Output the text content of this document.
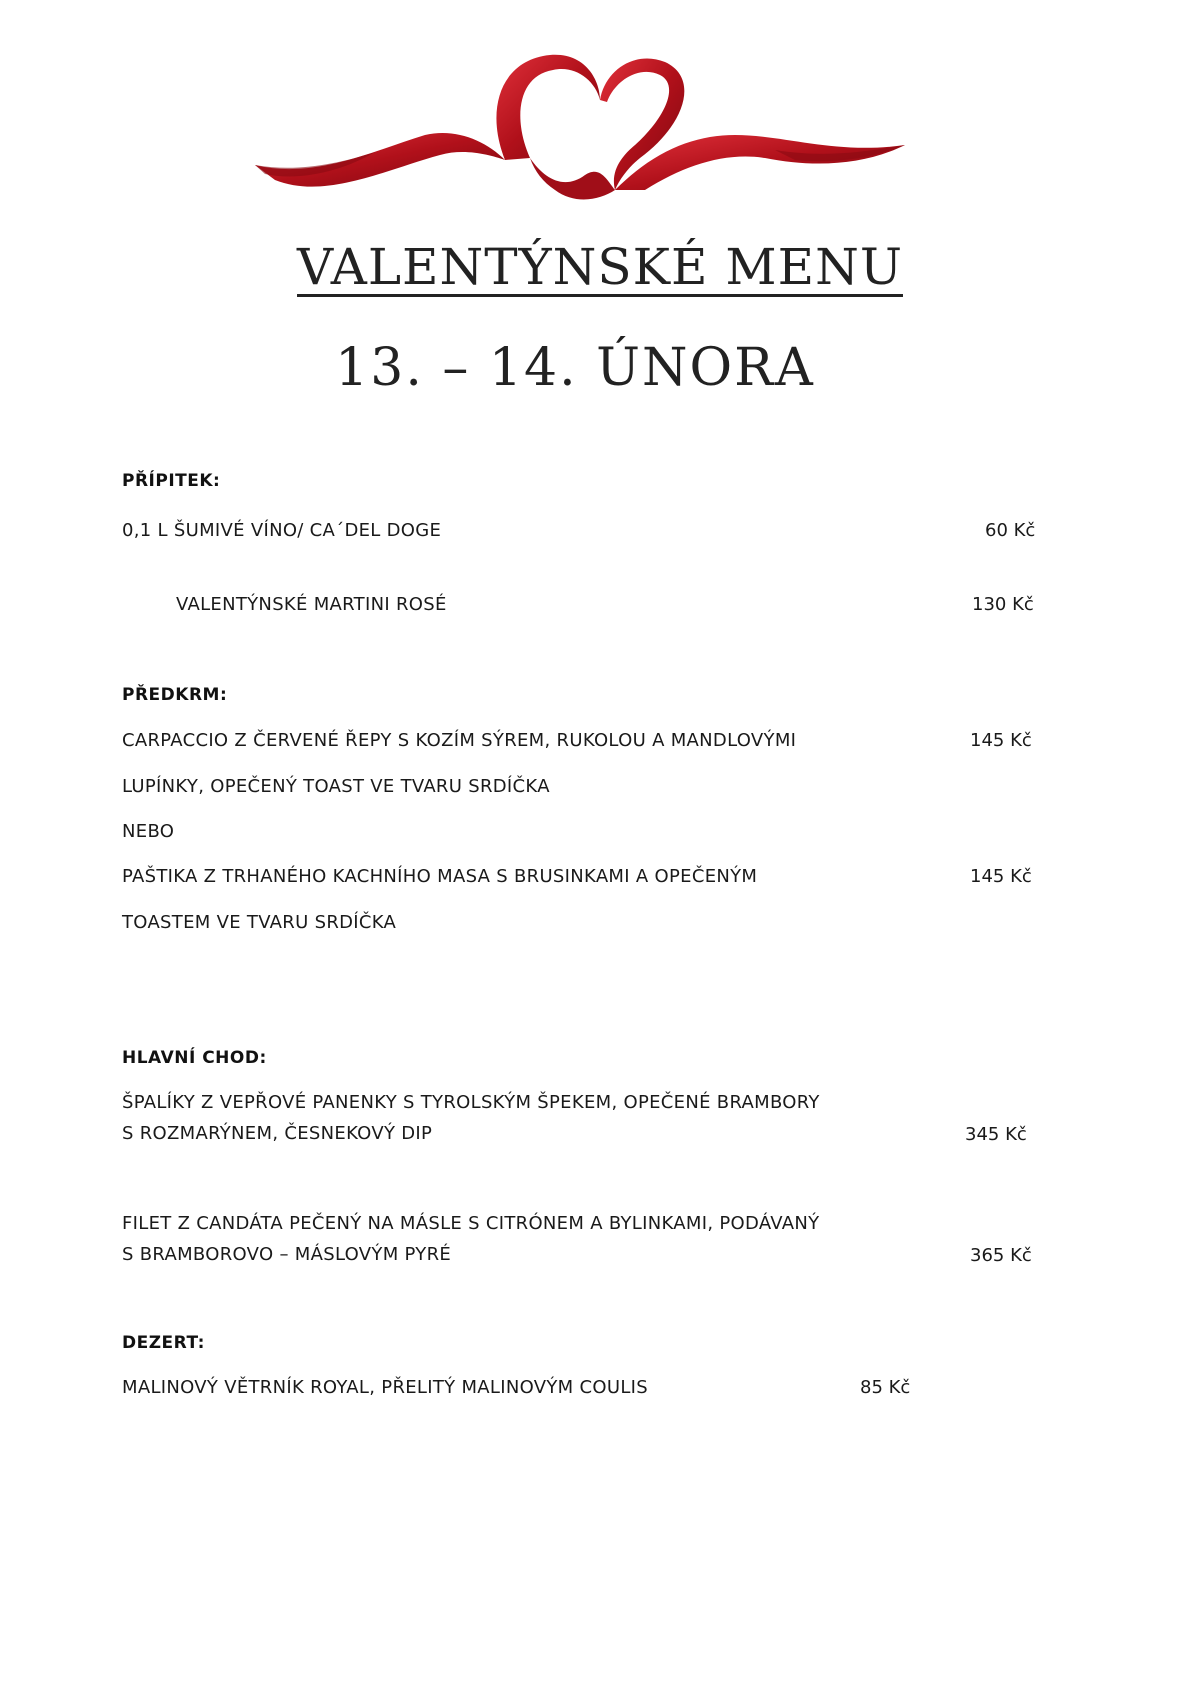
VALENTÝNSKÉ MENU
13. – 14. ÚNORA
PŘÍPITEK:
0,1 L ŠUMIVÉ VÍNO/ CA´DEL DOGE	60 Kč
VALENTÝNSKÉ MARTINI ROSÉ	130 Kč
PŘEDKRM:
CARPACCIO Z ČERVENÉ ŘEPY S KOZÍM SÝREM, RUKOLOU A MANDLOVÝMI	145 Kč
LUPÍNKY, OPEČENÝ TOAST VE TVARU SRDÍČKA
NEBO
PAŠTIKA Z TRHANÉHO KACHNÍHO MASA S BRUSINKAMI A OPEČENÝM	145 Kč
TOASTEM VE TVARU SRDÍČKA
HLAVNÍ CHOD:
ŠPALÍKY Z VEPŘOVÉ PANENKY S TYROLSKÝM ŠPEKEM, OPEČENÉ BRAMBORY
S ROZMARÝNEM, ČESNEKOVÝ DIP	345 Kč
FILET Z CANDÁTA PEČENÝ NA MÁSLE S CITRÓNEM A BYLINKAMI, PODÁVANÝ
S BRAMBOROVO – MÁSLOVÝM PYRÉ	365 Kč
DEZERT:
MALINOVÝ VĚTRNÍK ROYAL, PŘELITÝ MALINOVÝM COULIS	85 Kč
